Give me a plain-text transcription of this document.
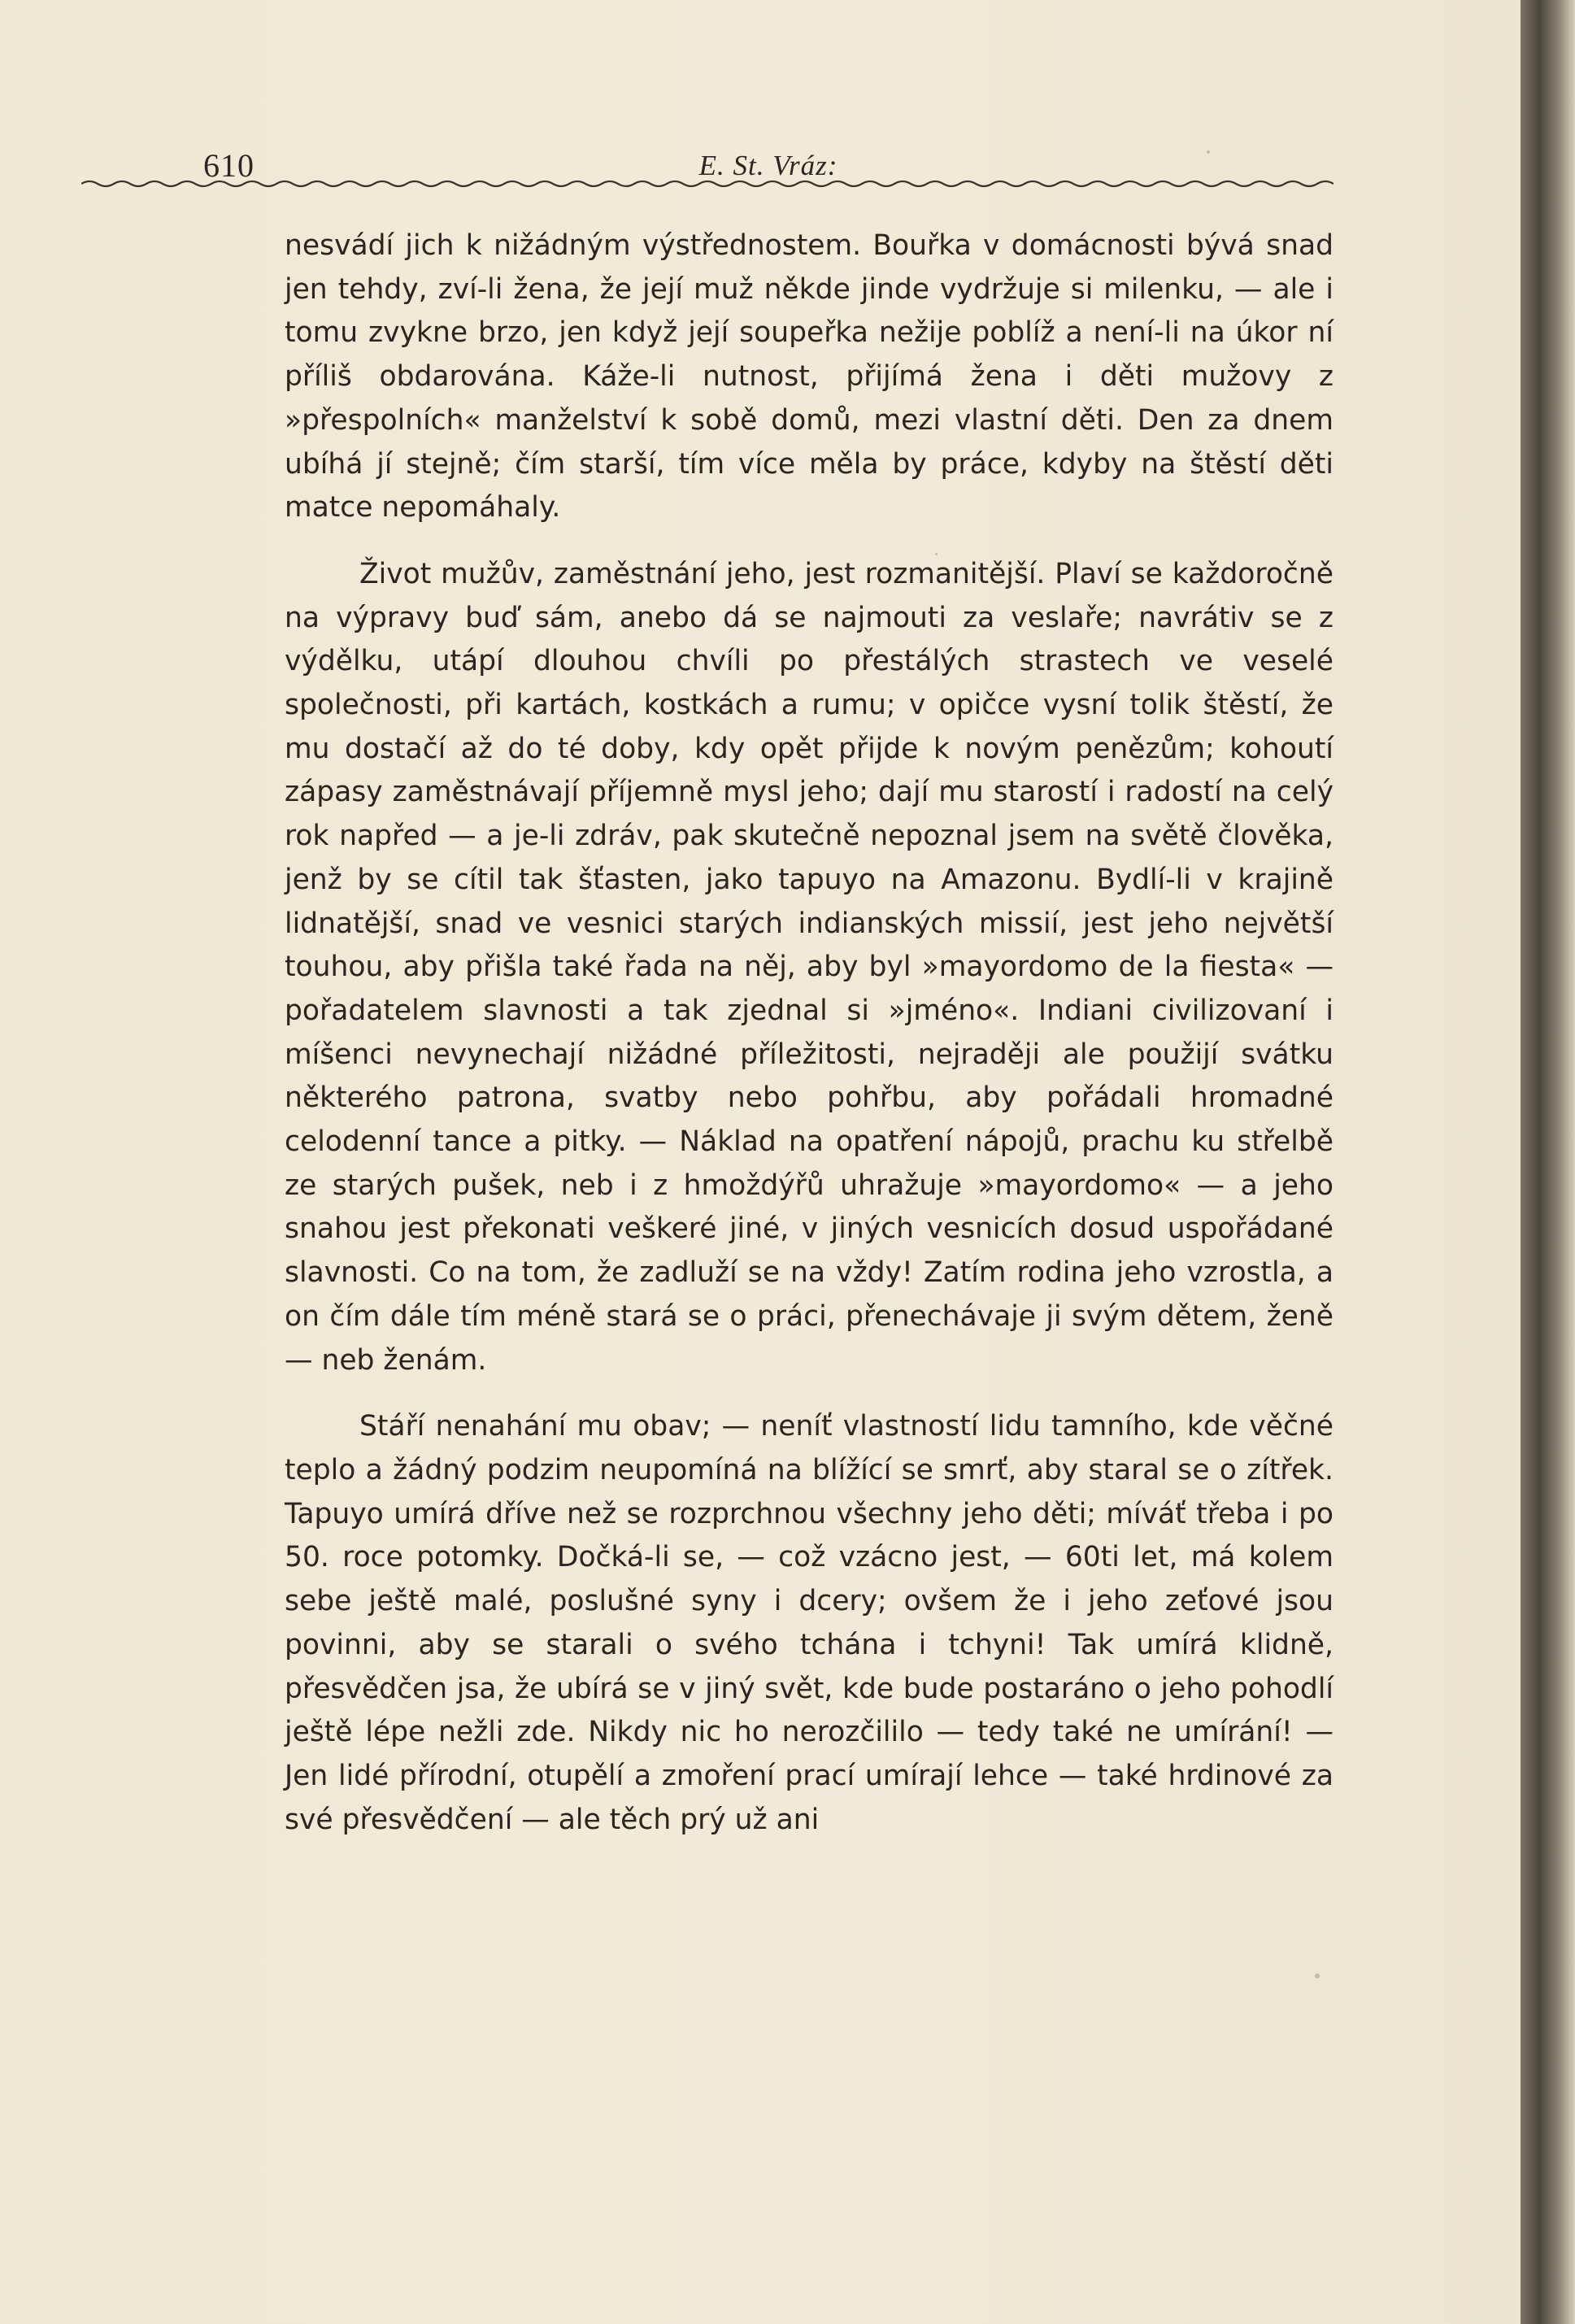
610	E. St. Vráz:

nesvádí jich k nižádným výstřednostem. Bouřka v domácnosti bývá snad jen tehdy, zví-li žena, že její muž někde jinde vydržuje si milenku, — ale i tomu zvykne brzo, jen když její soupeřka nežije poblíž a není-li na úkor ní příliš obdarována. Káže-li nutnost, přijímá žena i děti mužovy z »přespolních« manželství k sobě domů, mezi vlastní děti. Den za dnem ubíhá jí stejně; čím starší, tím více měla by práce, kdyby na štěstí děti matce nepomáhaly.

Život mužův, zaměstnání jeho, jest rozmanitější. Plaví se každoročně na výpravy buď sám, anebo dá se najmouti za veslaře; navrátiv se z výdělku, utápí dlouhou chvíli po přestálých strastech ve veselé společnosti, při kartách, kostkách a rumu; v opičce vysní tolik štěstí, že mu dostačí až do té doby, kdy opět přijde k novým penězům; kohoutí zápasy zaměstnávají příjemně mysl jeho; dají mu starostí i radostí na celý rok napřed — a je-li zdráv, pak skutečně nepoznal jsem na světě člověka, jenž by se cítil tak šťasten, jako tapuyo na Amazonu. Bydlí-li v krajině lidnatější, snad ve vesnici starých indianských missií, jest jeho největší touhou, aby přišla také řada na něj, aby byl »mayordomo de la fiesta« — pořadatelem slavnosti a tak zjednal si »jméno«. Indiani civilizovaní i míšenci nevynechají nižádné příležitosti, nejraději ale použijí svátku některého patrona, svatby nebo pohřbu, aby pořádali hromadné celodenní tance a pitky. — Náklad na opatření nápojů, prachu ku střelbě ze starých pušek, neb i z hmoždýřů uhražuje »mayordomo« — a jeho snahou jest překonati veškeré jiné, v jiných vesnicích dosud uspořádané slavnosti. Co na tom, že zadluží se na vždy! Zatím rodina jeho vzrostla, a on čím dále tím méně stará se o práci, přenechávaje ji svým dětem, ženě — neb ženám.

Stáří nenahání mu obav; — neníť vlastností lidu tamního, kde věčné teplo a žádný podzim neupomíná na blížící se smrť, aby staral se o zítřek. Tapuyo umírá dříve než se rozprchnou všechny jeho děti; míváť třeba i po 50. roce potomky. Dočká-li se, — což vzácno jest, — 60ti let, má kolem sebe ještě malé, poslušné syny i dcery; ovšem že i jeho zeťové jsou povinni, aby se starali o svého tchána i tchyni! Tak umírá klidně, přesvědčen jsa, že ubírá se v jiný svět, kde bude postaráno o jeho pohodlí ještě lépe nežli zde. Nikdy nic ho nerozčililo — tedy také ne umírání! — Jen lidé přírodní, otupělí a zmoření prací umírají lehce — také hrdinové za své přesvědčení — ale těch prý už ani
